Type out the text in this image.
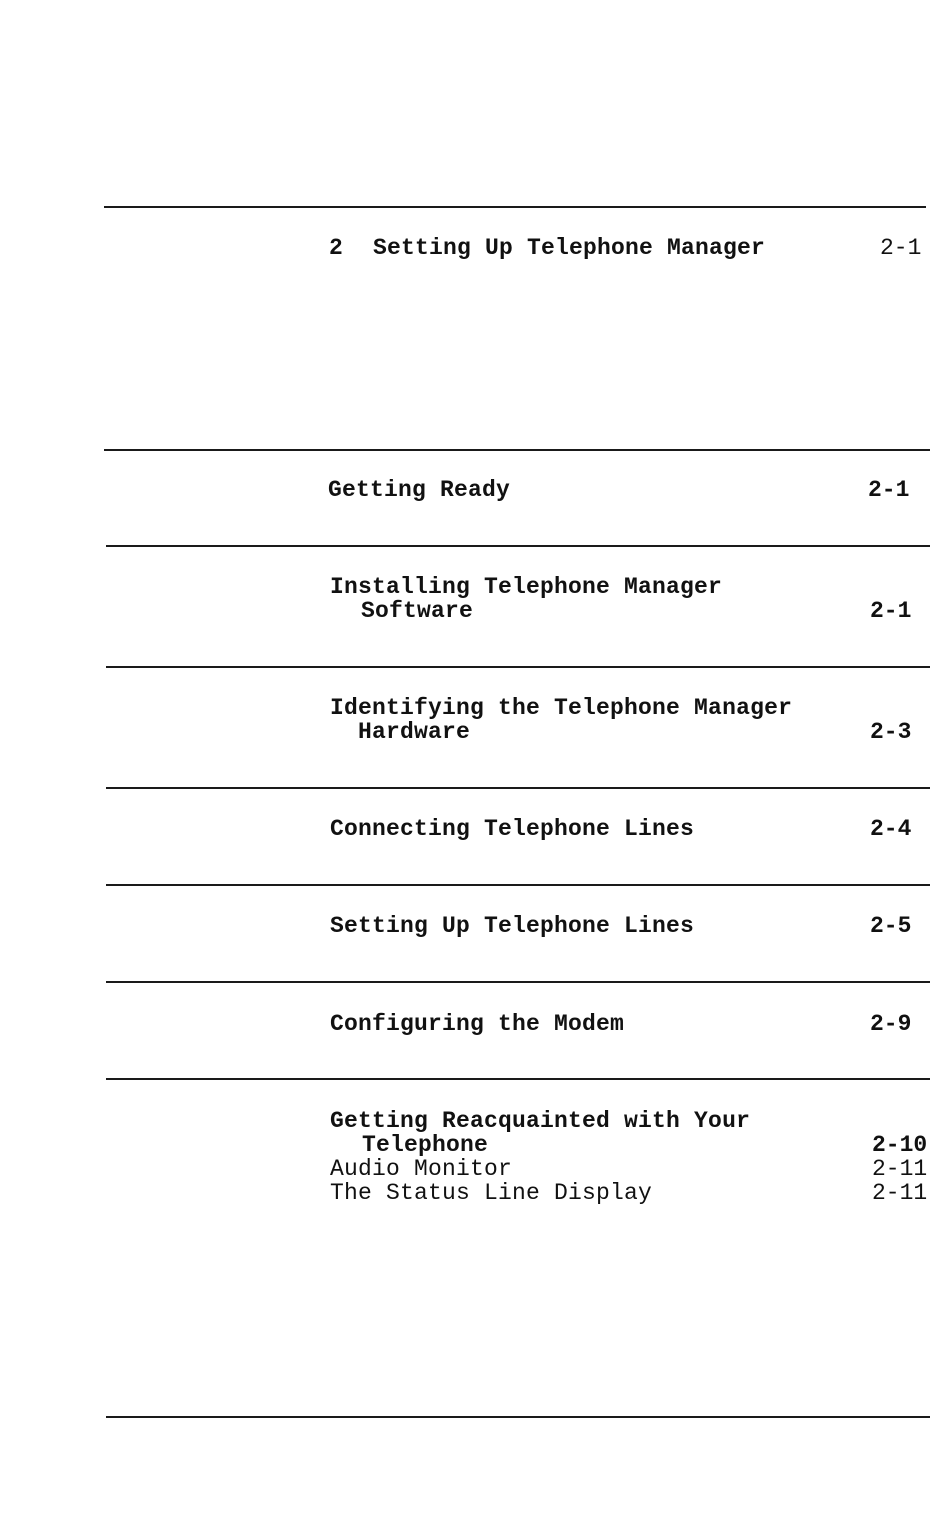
2 Setting Up Telephone Manager	2-1
Getting Ready	2-1
Installing Telephone Manager
Software	2-1
Identifying the Telephone Manager
Hardware	2-3
Connecting Telephone Lines	2-4
Setting Up Telephone Lines	2-5
Configuring the Modem	2-9
Getting Reacquainted with Your
Telephone	2-10
Audio Monitor	2-11
The Status Line Display	2-11
